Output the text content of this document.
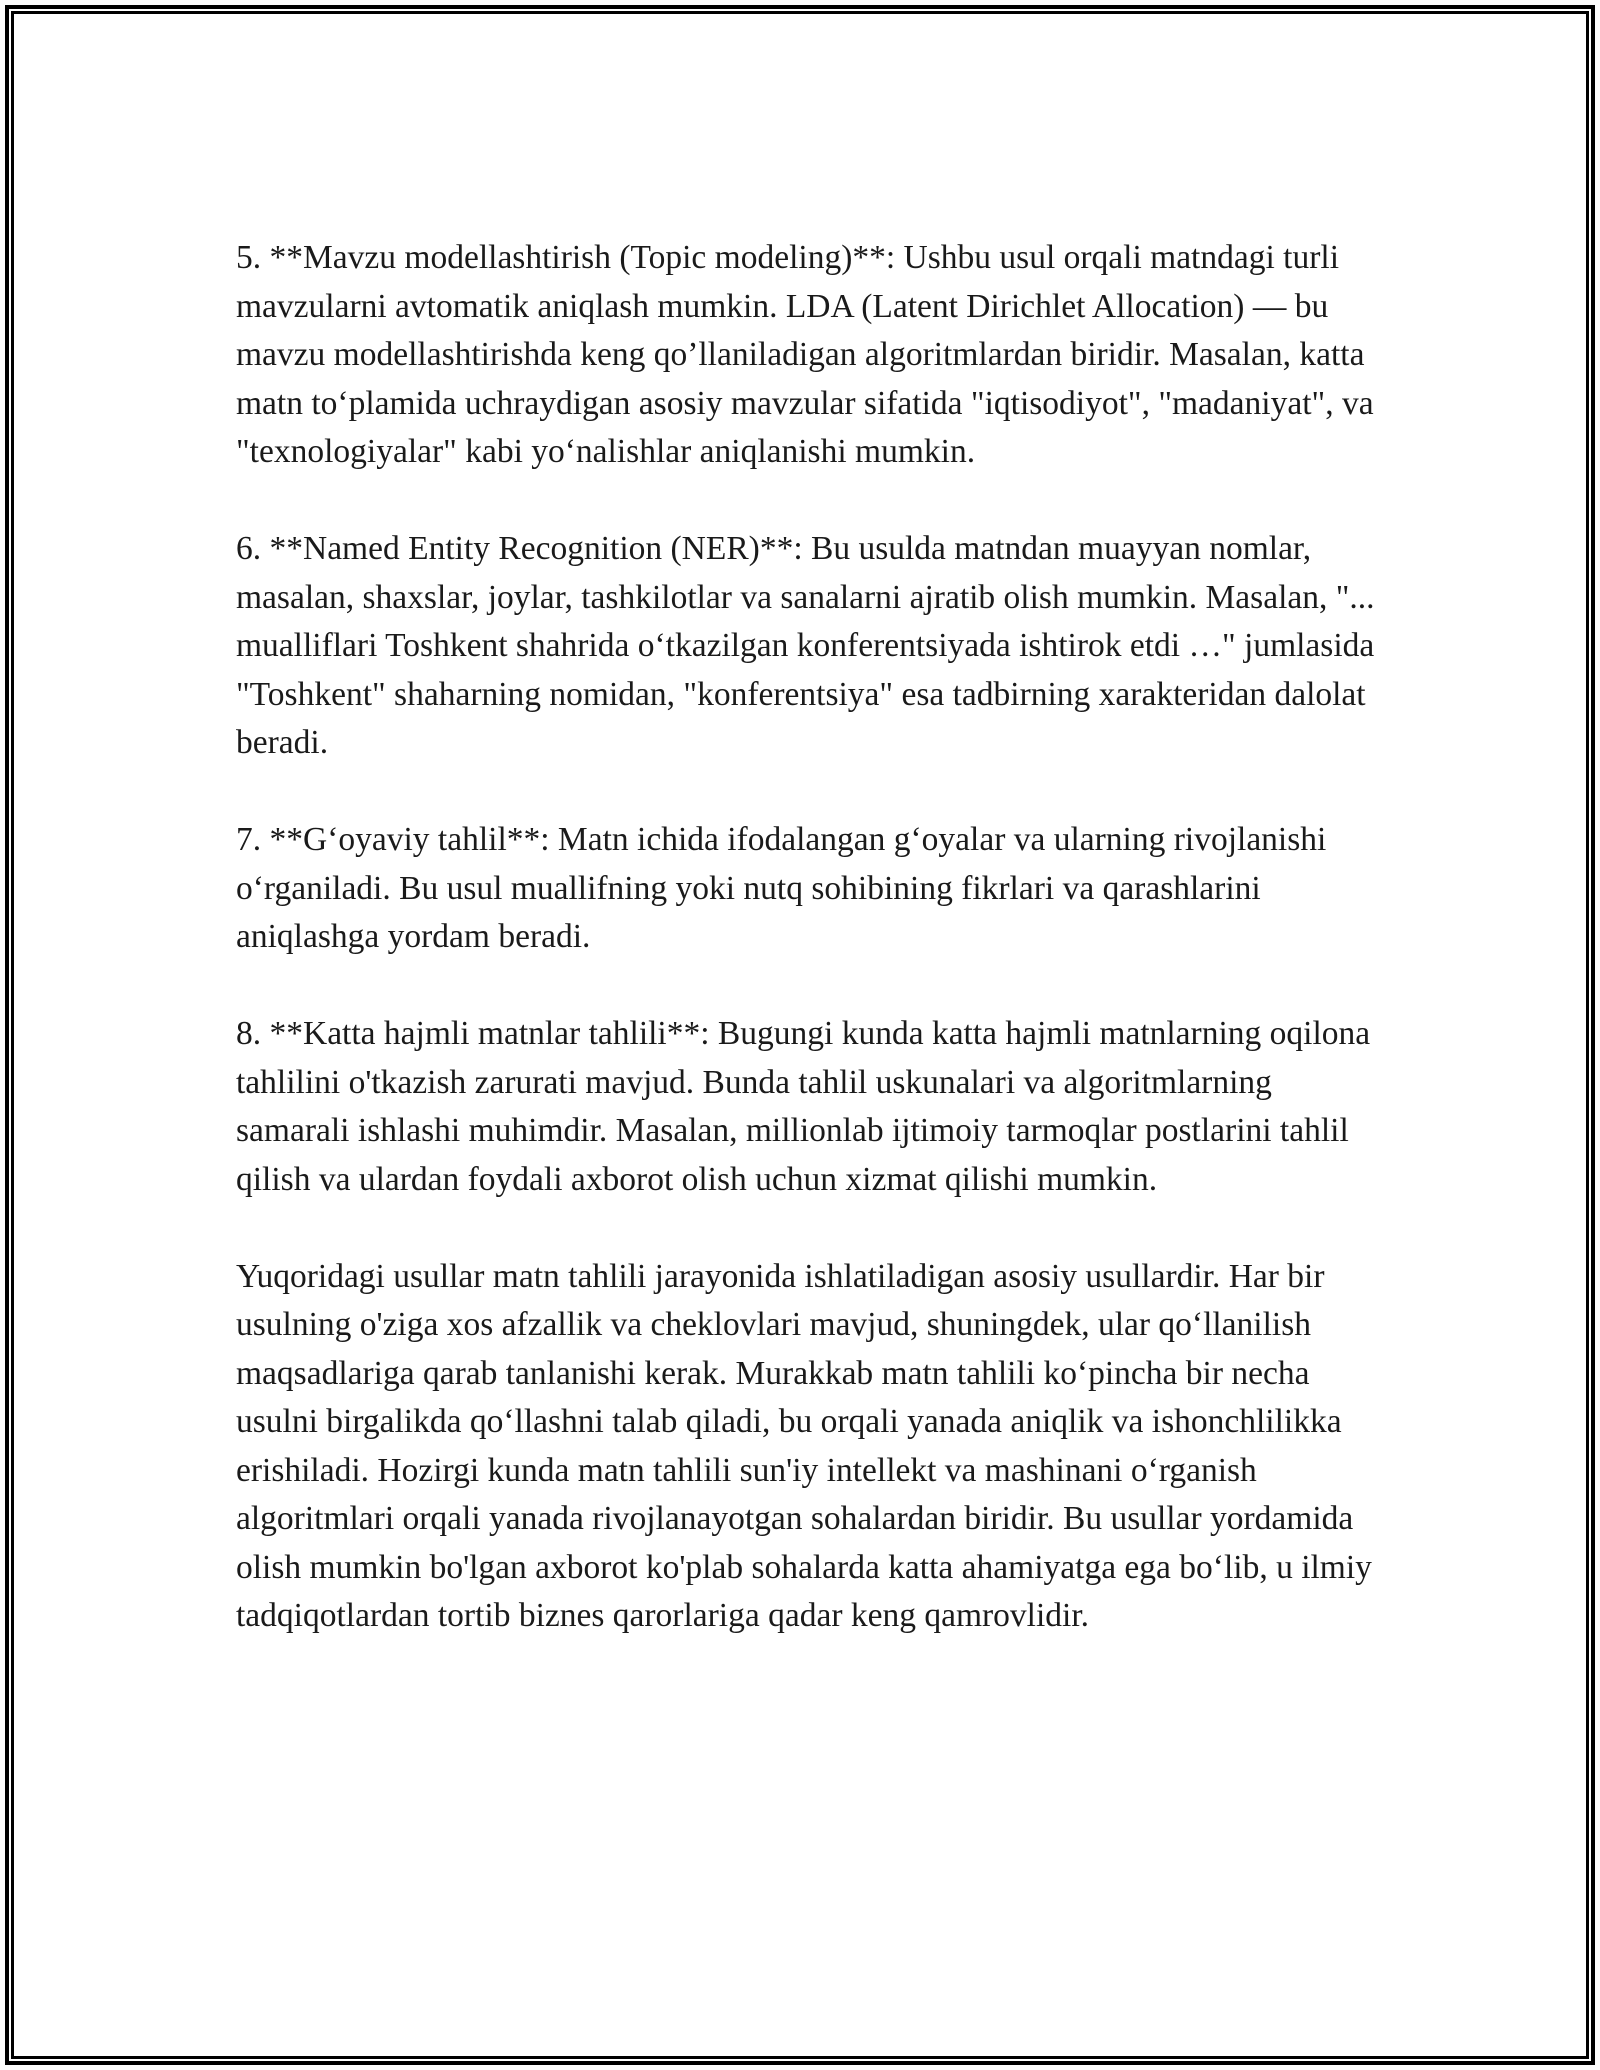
5. **Mavzu modellashtirish (Topic modeling)**: Ushbu usul orqali matndagi turli mavzularni avtomatik aniqlash mumkin. LDA (Latent Dirichlet Allocation) — bu mavzu modellashtirishda keng qo’llaniladigan algoritmlardan biridir. Masalan, katta matn to‘plamida uchraydigan asosiy mavzular sifatida "iqtisodiyot", "madaniyat", va "texnologiyalar" kabi yo‘nalishlar aniqlanishi mumkin.

6. **Named Entity Recognition (NER)**: Bu usulda matndan muayyan nomlar, masalan, shaxslar, joylar, tashkilotlar va sanalarni ajratib olish mumkin. Masalan, "... mualliflari Toshkent shahrida o‘tkazilgan konferentsiyada ishtirok etdi …" jumlasida "Toshkent" shaharning nomidan, "konferentsiya" esa tadbirning xarakteridan dalolat beradi.

7. **G‘oyaviy tahlil**: Matn ichida ifodalangan g‘oyalar va ularning rivojlanishi o‘rganiladi. Bu usul muallifning yoki nutq sohibining fikrlari va qarashlarini aniqlashga yordam beradi.

8. **Katta hajmli matnlar tahlili**: Bugungi kunda katta hajmli matnlarning oqilona tahlilini o'tkazish zarurati mavjud. Bunda tahlil uskunalari va algoritmlarning samarali ishlashi muhimdir. Masalan, millionlab ijtimoiy tarmoqlar postlarini tahlil qilish va ulardan foydali axborot olish uchun xizmat qilishi mumkin.

Yuqoridagi usullar matn tahlili jarayonida ishlatiladigan asosiy usullardir. Har bir usulning o'ziga xos afzallik va cheklovlari mavjud, shuningdek, ular qo‘llanilish maqsadlariga qarab tanlanishi kerak. Murakkab matn tahlili ko‘pincha bir necha usulni birgalikda qo‘llashni talab qiladi, bu orqali yanada aniqlik va ishonchlilikka erishiladi. Hozirgi kunda matn tahlili sun'iy intellekt va mashinani o‘rganish algoritmlari orqali yanada rivojlanayotgan sohalardan biridir. Bu usullar yordamida olish mumkin bo'lgan axborot ko'plab sohalarda katta ahamiyatga ega bo‘lib, u ilmiy tadqiqotlardan tortib biznes qarorlariga qadar keng qamrovlidir.
